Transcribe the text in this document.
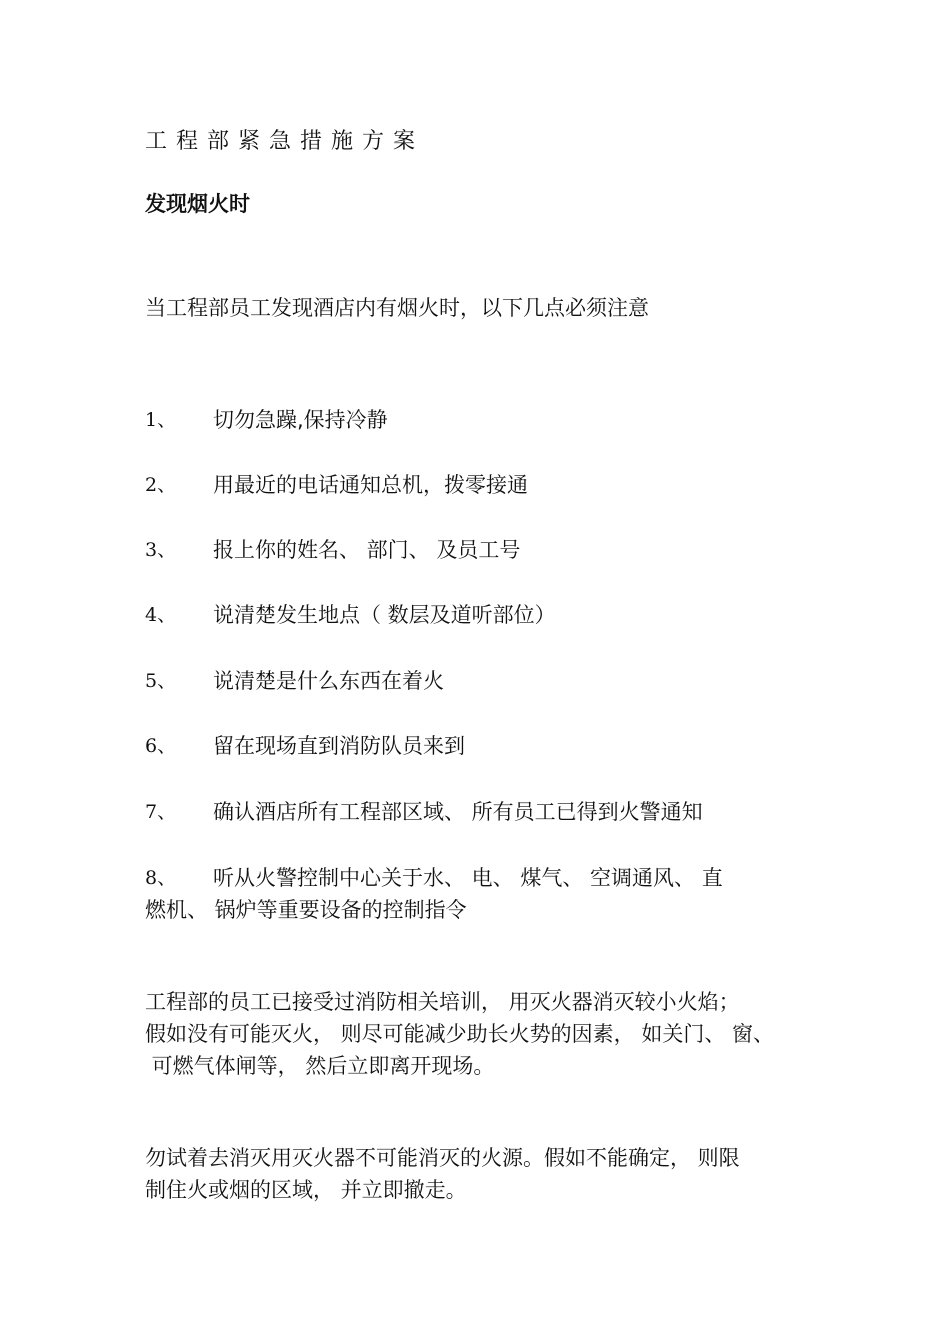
工程部紧急措施方案
发现烟火时

当工程部员工发现酒店内有烟火时，以下几点必须注意

1、	切勿急躁,保持冷静
2、	用最近的电话通知总机，拨零接通
3、	报上你的姓名、 部门、 及员工号
4、	说清楚发生地点（ 数层及道听部位）
5、	说清楚是什么东西在着火
6、	留在现场直到消防队员来到
7、	确认酒店所有工程部区域、 所有员工已得到火警通知
8、	听从火警控制中心关于水、 电、 煤气、 空调通风、 直
燃机、 锅炉等重要设备的控制指令
工程部的员工已接受过消防相关培训， 用灭火器消灭较小火焰；
假如没有可能灭火， 则尽可能减少助长火势的因素， 如关门、 窗、
可燃气体闸等， 然后立即离开现场。
勿试着去消灭用灭火器不可能消灭的火源。假如不能确定， 则限
制住火或烟的区域， 并立即撤走。
